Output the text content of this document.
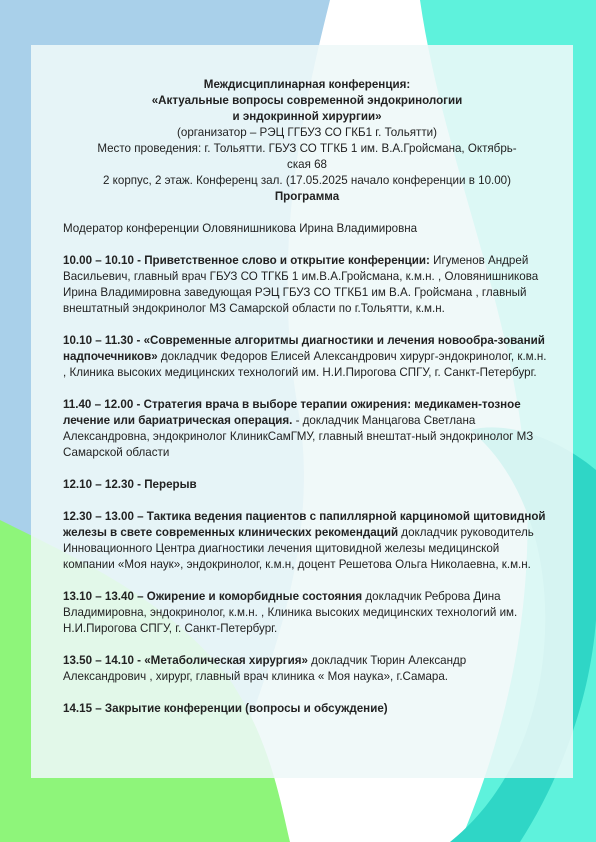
Междисциплинарная конференция:

«Актуальные вопросы современной эндокринологии

и эндокринной хирургии»

(организатор – РЭЦ ГГБУЗ СО ГКБ1 г. Тольятти)

Место проведения: г. Тольятти. ГБУЗ СО ТГКБ 1 им. В.А.Гройсмана, Октябрь-

ская 68

2 корпус, 2 этаж. Конференц зал. (17.05.2025 начало конференции в 10.00)

Программа

Модератор конференции Оловянишникова Ирина Владимировна

10.00 – 10.10 - Приветственное слово и открытие конференции: Игуменов Андрей Васильевич, главный врач ГБУЗ СО ТГКБ 1 им.В.А.Гройсмана, к.м.н. , Оловянишникова Ирина Владимировна заведующая РЭЦ ГБУЗ СО ТГКБ1 им В.А. Гройсмана , главный внештатный эндокринолог МЗ Самарской области по г.Тольятти, к.м.н.

10.10 – 11.30 - «Современные алгоритмы диагностики и лечения новообра-зований надпочечников» докладчик Федоров Елисей Александрович хирург-эндокринолог, к.м.н. , Клиника высоких медицинских технологий им. Н.И.Пирогова СПГУ, г. Санкт-Петербург.

11.40 – 12.00 - Стратегия врача в выборе терапии ожирения: медикамен-тозное лечение или бариатрическая операция. - докладчик Манцагова Светлана Александровна, эндокринолог КлиникСамГМУ, главный внештат-ный эндокринолог МЗ Самарской области

12.10 – 12.30 - Перерыв

12.30 – 13.00 – Тактика ведения пациентов с папиллярной карциномой щитовидной железы в свете современных клинических рекомендаций докладчик руководитель Инновационного Центра диагностики лечения щитовидной железы медицинской компании «Моя наук», эндокринолог, к.м.н, доцент Решетова Ольга Николаевна, к.м.н.

13.10 – 13.40 – Ожирение и коморбидные состояния докладчик Реброва Дина Владимировна, эндокринолог, к.м.н. , Клиника высоких медицинских технологий им. Н.И.Пирогова СПГУ, г. Санкт-Петербург.

13.50 – 14.10 - «Метаболическая хирургия» докладчик Тюрин Александр Александрович , хирург, главный врач клиника « Моя наука», г.Самара.

14.15 – Закрытие конференции (вопросы и обсуждение)
